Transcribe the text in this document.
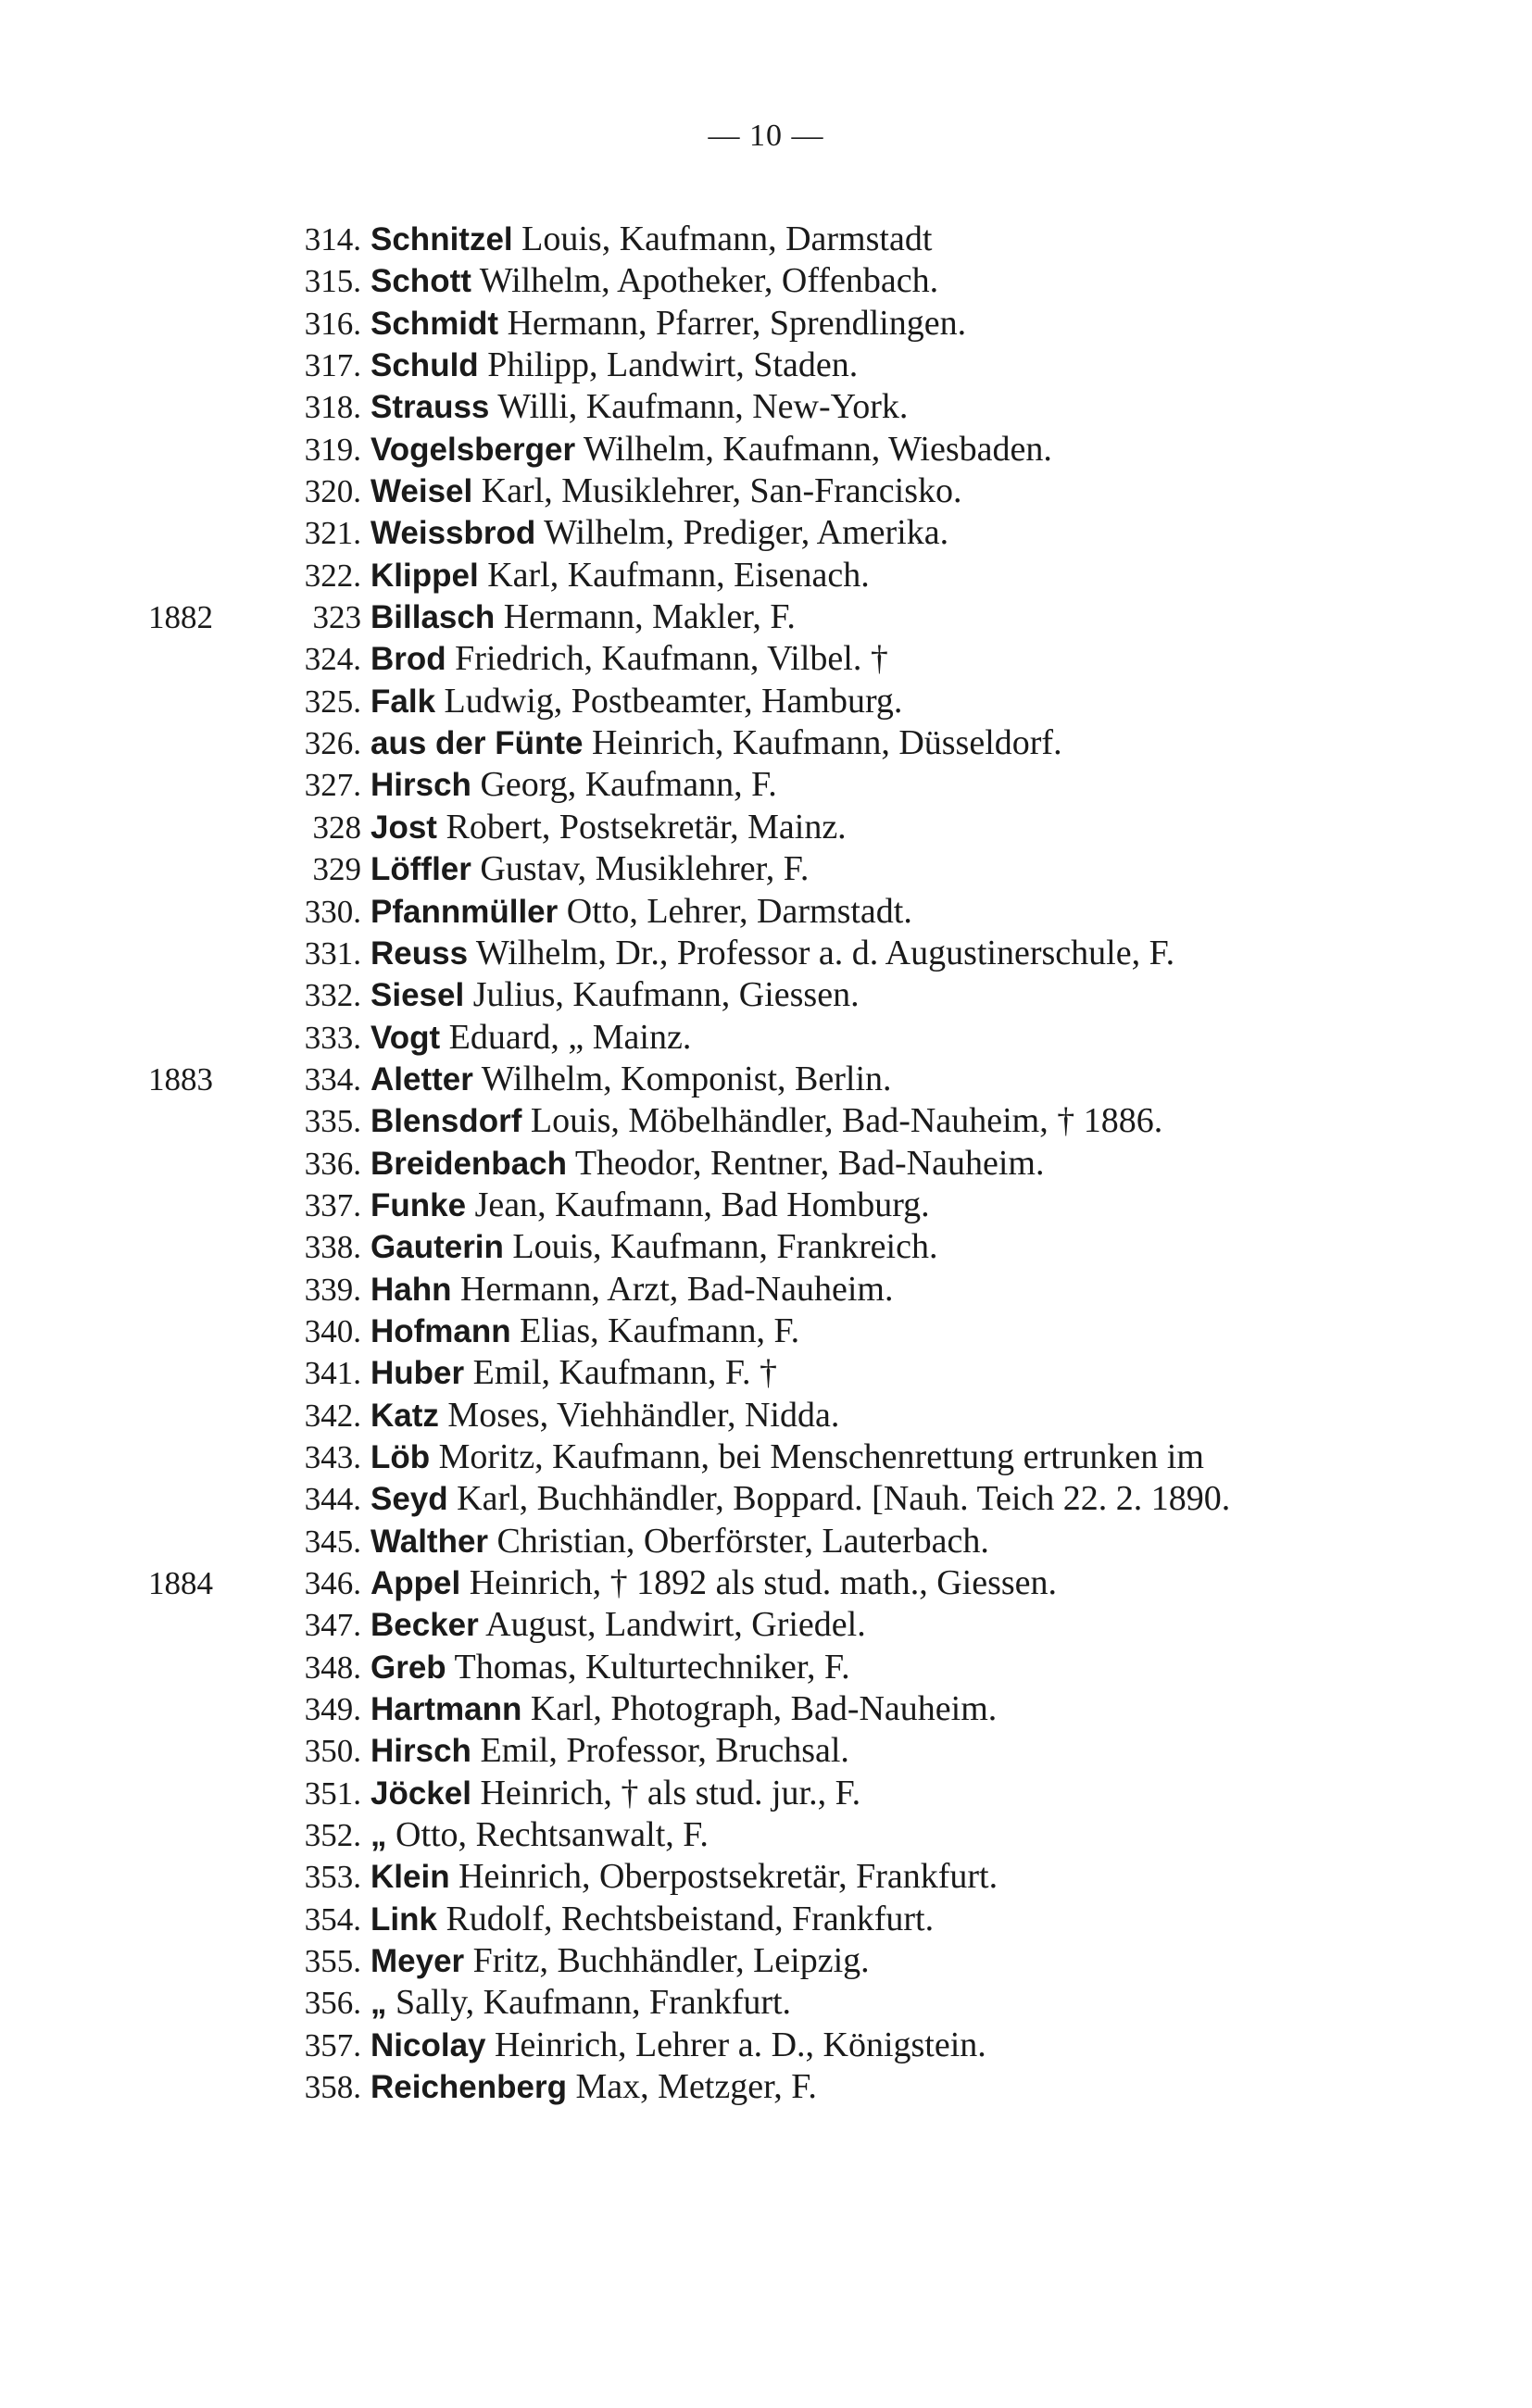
— 10 —
314. Schnitzel Louis, Kaufmann, Darmstadt
315. Schott Wilhelm, Apotheker, Offenbach.
316. Schmidt Hermann, Pfarrer, Sprendlingen.
317. Schuld Philipp, Landwirt, Staden.
318. Strauss Willi, Kaufmann, New-York.
319. Vogelsberger Wilhelm, Kaufmann, Wiesbaden.
320. Weisel Karl, Musiklehrer, San-Francisko.
321. Weissbrod Wilhelm, Prediger, Amerika.
322. Klippel Karl, Kaufmann, Eisenach.
1882	323 Billasch Hermann, Makler, F.
324. Brod Friedrich, Kaufmann, Vilbel. †
325. Falk Ludwig, Postbeamter, Hamburg.
326. aus der Fünte Heinrich, Kaufmann, Düsseldorf.
327. Hirsch Georg, Kaufmann, F.
328 Jost Robert, Postsekretär, Mainz.
329 Löffler Gustav, Musiklehrer, F.
330. Pfannmüller Otto, Lehrer, Darmstadt.
331. Reuss Wilhelm, Dr., Professor a. d. Augustinerschule, F.
332. Siesel Julius, Kaufmann, Giessen.
333. Vogt Eduard, „ Mainz.
1883	334. Aletter Wilhelm, Komponist, Berlin.
335. Blensdorf Louis, Möbelhändler, Bad-Nauheim, † 1886.
336. Breidenbach Theodor, Rentner, Bad-Nauheim.
337. Funke Jean, Kaufmann, Bad Homburg.
338. Gauterin Louis, Kaufmann, Frankreich.
339. Hahn Hermann, Arzt, Bad-Nauheim.
340. Hofmann Elias, Kaufmann, F.
341. Huber Emil, Kaufmann, F. †
342. Katz Moses, Viehhändler, Nidda.
343. Löb Moritz, Kaufmann, bei Menschenrettung ertrunken im
344. Seyd Karl, Buchhändler, Boppard. [Nauh. Teich 22. 2. 1890.
345. Walther Christian, Oberförster, Lauterbach.
1884	346. Appel Heinrich, † 1892 als stud. math., Giessen.
347. Becker August, Landwirt, Griedel.
348. Greb Thomas, Kulturtechniker, F.
349. Hartmann Karl, Photograph, Bad-Nauheim.
350. Hirsch Emil, Professor, Bruchsal.
351. Jöckel Heinrich, † als stud. jur., F.
352. „ Otto, Rechtsanwalt, F.
353. Klein Heinrich, Oberpostsekretär, Frankfurt.
354. Link Rudolf, Rechtsbeistand, Frankfurt.
355. Meyer Fritz, Buchhändler, Leipzig.
356. „ Sally, Kaufmann, Frankfurt.
357. Nicolay Heinrich, Lehrer a. D., Königstein.
358. Reichenberg Max, Metzger, F.
